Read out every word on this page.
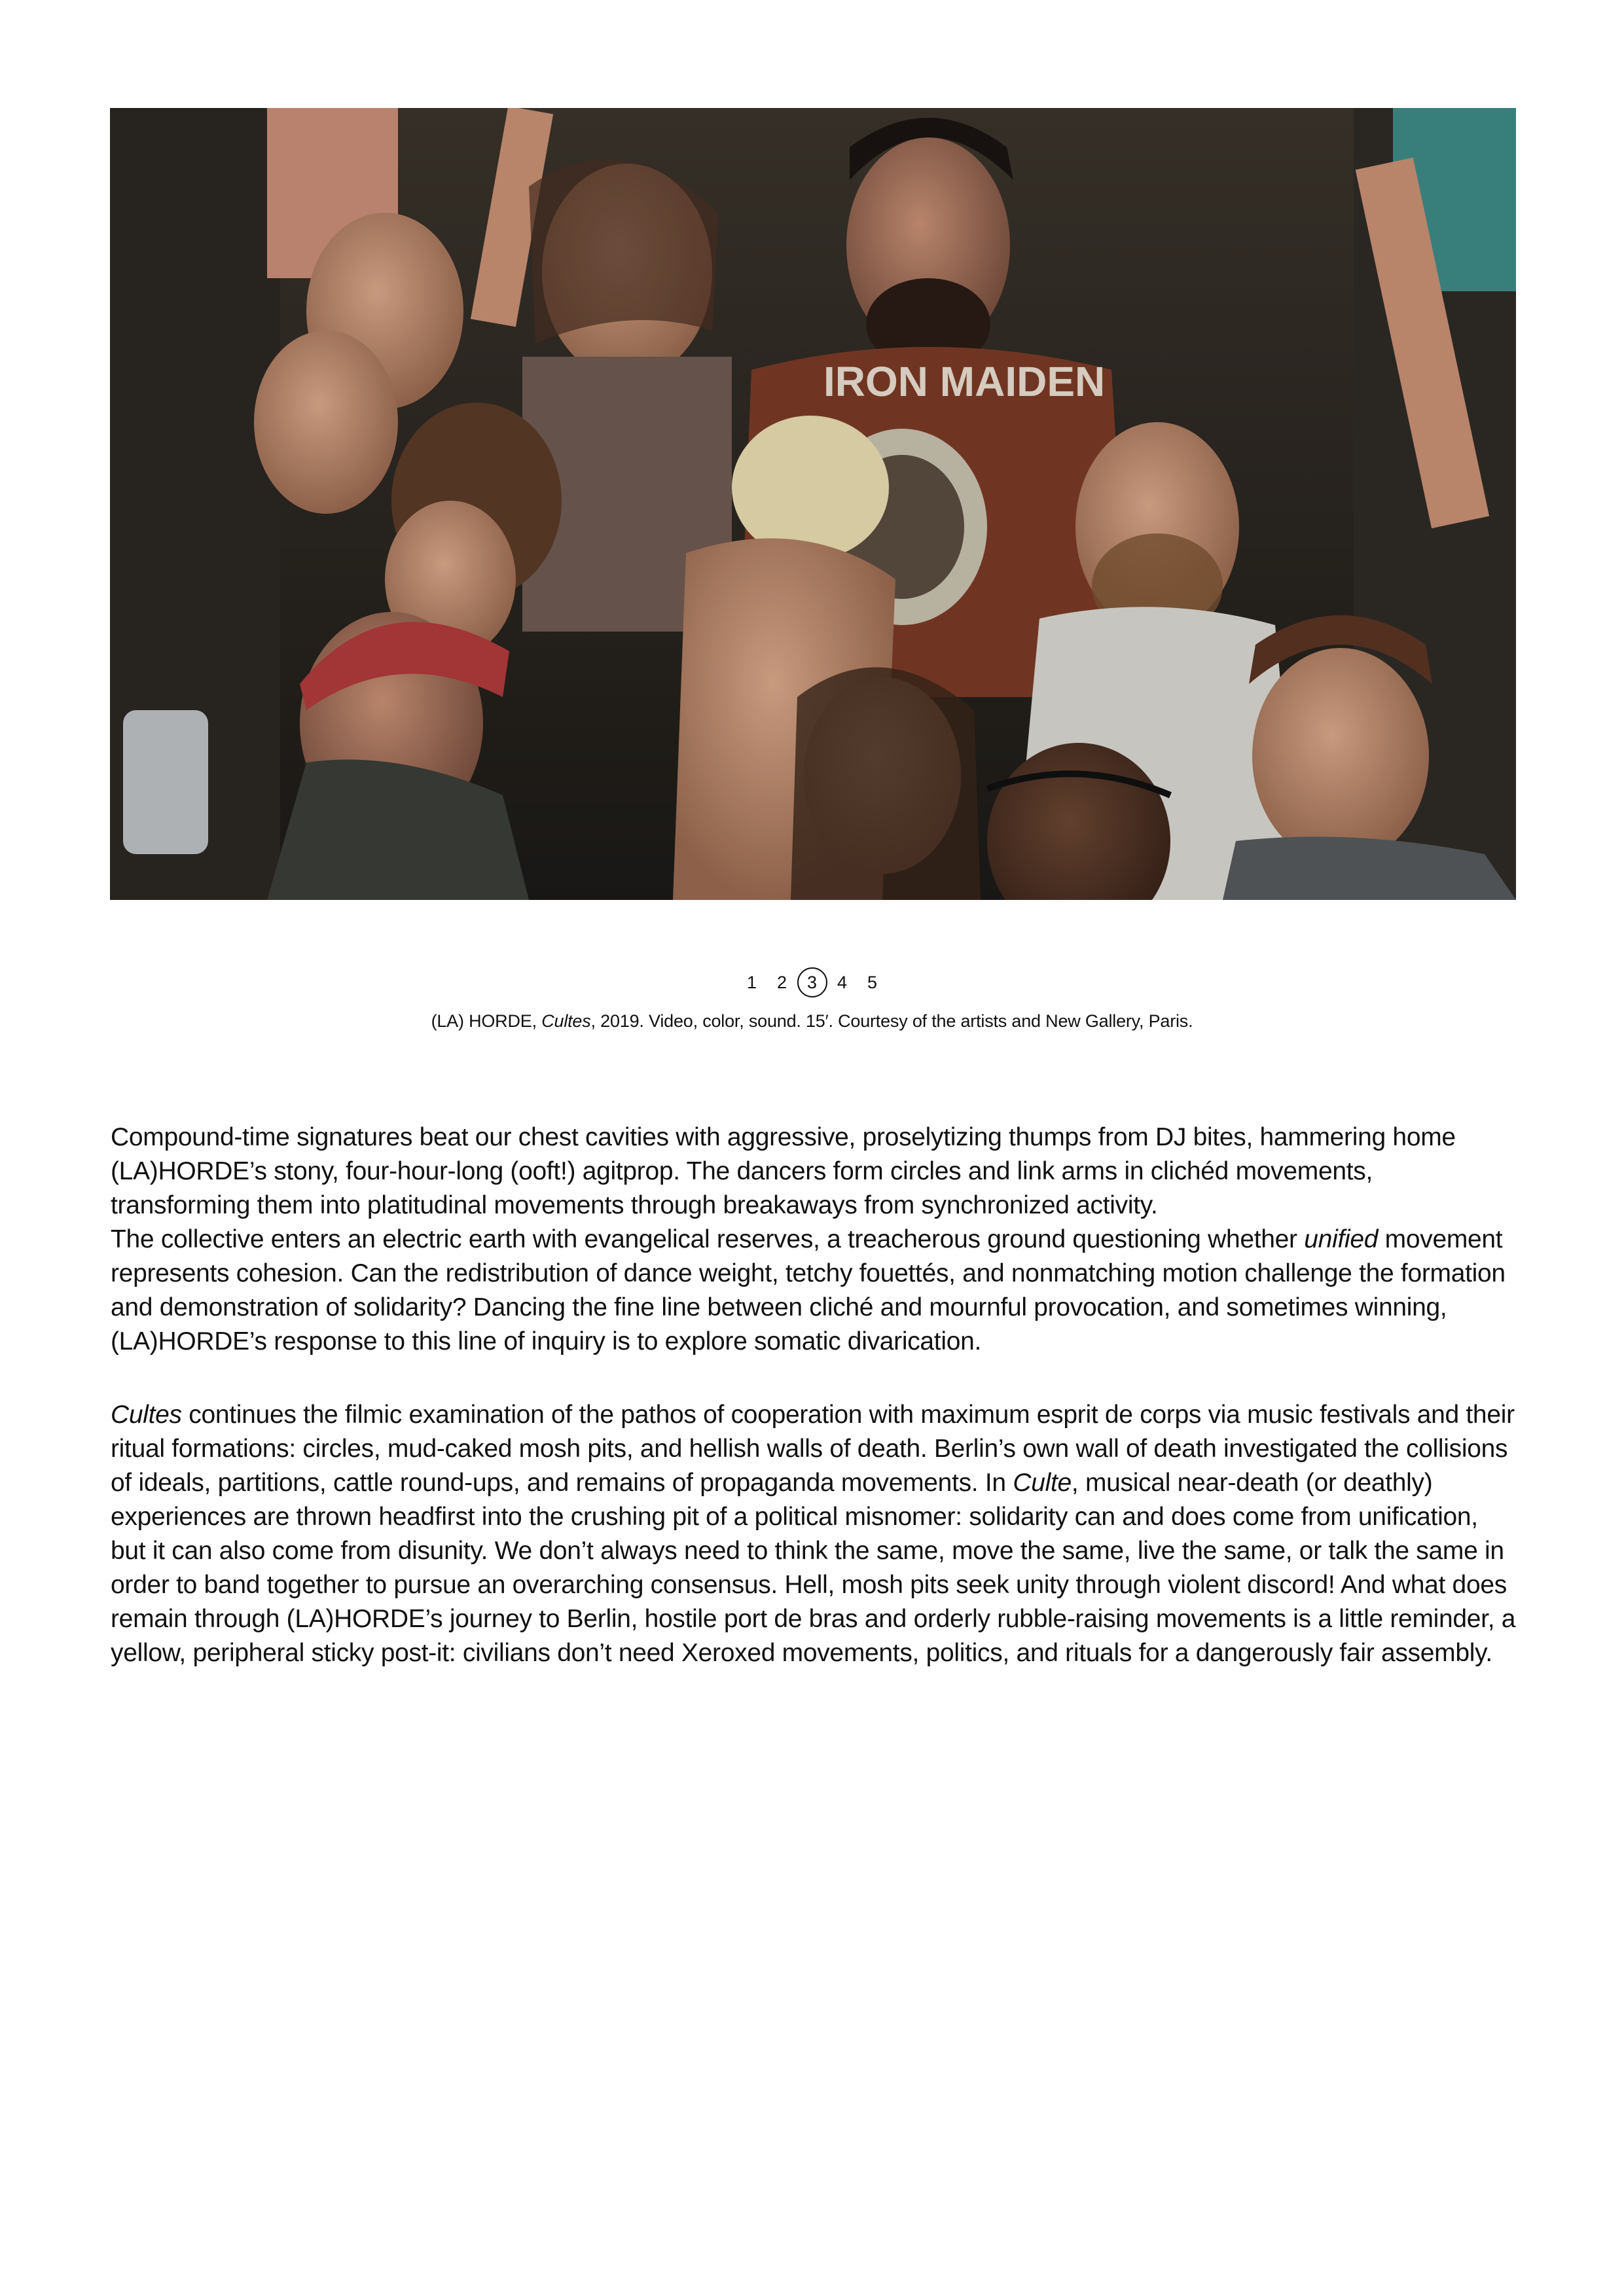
IRON MAIDEN
1	2	3	4	5
(LA) HORDE, Cultes, 2019. Video, color, sound. 15′. Courtesy of the artists and New Gallery, Paris.

Compound-time signatures beat our chest cavities with aggressive, proselytizing thumps from DJ bites, hammering home (LA)HORDE’s stony, four-hour-long (ooft!) agitprop. The dancers form circles and link arms in clichéd movements, transforming them into platitudinal movements through breakaways from synchronized activity.

The collective enters an electric earth with evangelical reserves, a treacherous ground questioning whether unified movement represents cohesion. Can the redistribution of dance weight, tetchy fouettés, and nonmatching motion challenge the formation and demonstration of solidarity? Dancing the fine line between cliché and mournful provocation, and sometimes winning, (LA)HORDE’s response to this line of inquiry is to explore somatic divarication.

Cultes continues the filmic examination of the pathos of cooperation with maximum esprit de corps via music festivals and their ritual formations: circles, mud-caked mosh pits, and hellish walls of death. Berlin’s own wall of death investigated the collisions of ideals, partitions, cattle round-ups, and remains of propaganda movements. In Culte, musical near-death (or deathly) experiences are thrown headfirst into the crushing pit of a political misnomer: solidarity can and does come from unification, but it can also come from disunity. We don’t always need to think the same, move the same, live the same, or talk the same in order to band together to pursue an overarching consensus. Hell, mosh pits seek unity through violent discord! And what does remain through (LA)HORDE’s journey to Berlin, hostile port de bras and orderly rubble-raising movements is a little reminder, a yellow, peripheral sticky post-it: civilians don’t need Xeroxed movements, politics, and rituals for a dangerously fair assembly.
